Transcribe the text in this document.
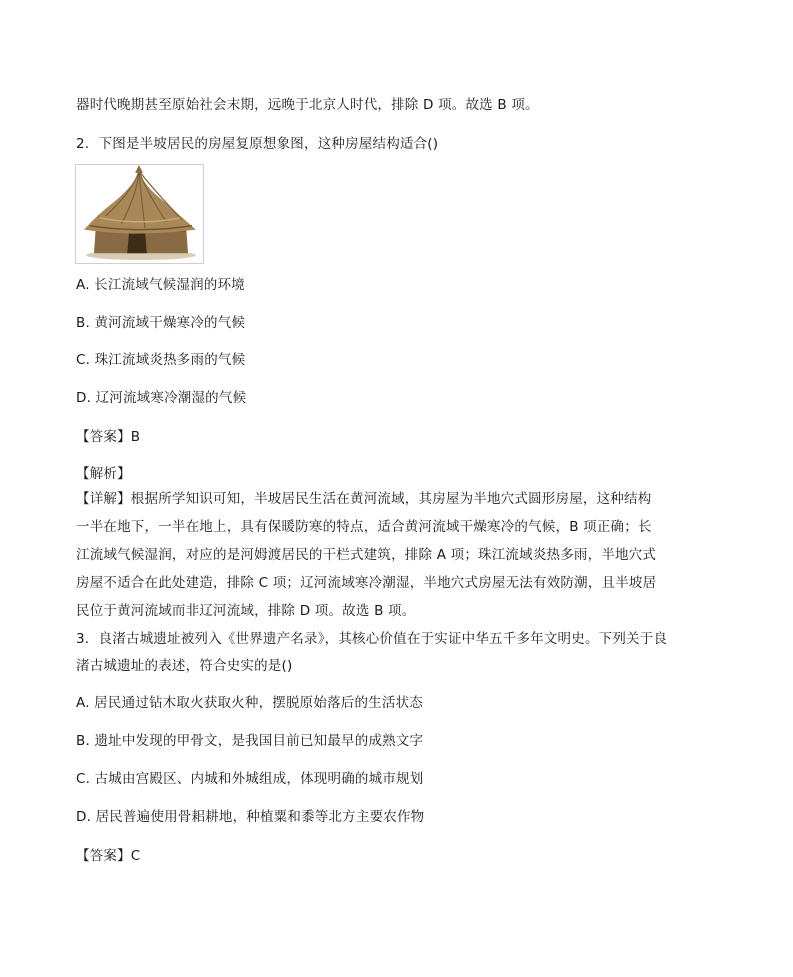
器时代晚期甚至原始社会末期，远晚于北京人时代，排除 D 项。故选 B 项。
2．下图是半坡居民的房屋复原想象图，这种房屋结构适合()
A. 长江流域气候湿润的环境
B. 黄河流域干燥寒冷的气候
C. 珠江流域炎热多雨的气候
D. 辽河流域寒冷潮湿的气候
【答案】B
【解析】
【详解】根据所学知识可知，半坡居民生活在黄河流域，其房屋为半地穴式圆形房屋，这种结构
一半在地下，一半在地上，具有保暖防寒的特点，适合黄河流域干燥寒冷的气候，B 项正确；长
江流域气候湿润，对应的是河姆渡居民的干栏式建筑，排除 A 项；珠江流域炎热多雨，半地穴式
房屋不适合在此处建造，排除 C 项；辽河流域寒冷潮湿，半地穴式房屋无法有效防潮，且半坡居
民位于黄河流域而非辽河流域，排除 D 项。故选 B 项。
3．良渚古城遗址被列入《世界遗产名录》，其核心价值在于实证中华五千多年文明史。下列关于良
渚古城遗址的表述，符合史实的是()
A. 居民通过钻木取火获取火种，摆脱原始落后的生活状态
B. 遗址中发现的甲骨文，是我国目前已知最早的成熟文字
C. 古城由宫殿区、内城和外城组成，体现明确的城市规划
D. 居民普遍使用骨耜耕地，种植粟和黍等北方主要农作物
【答案】C
